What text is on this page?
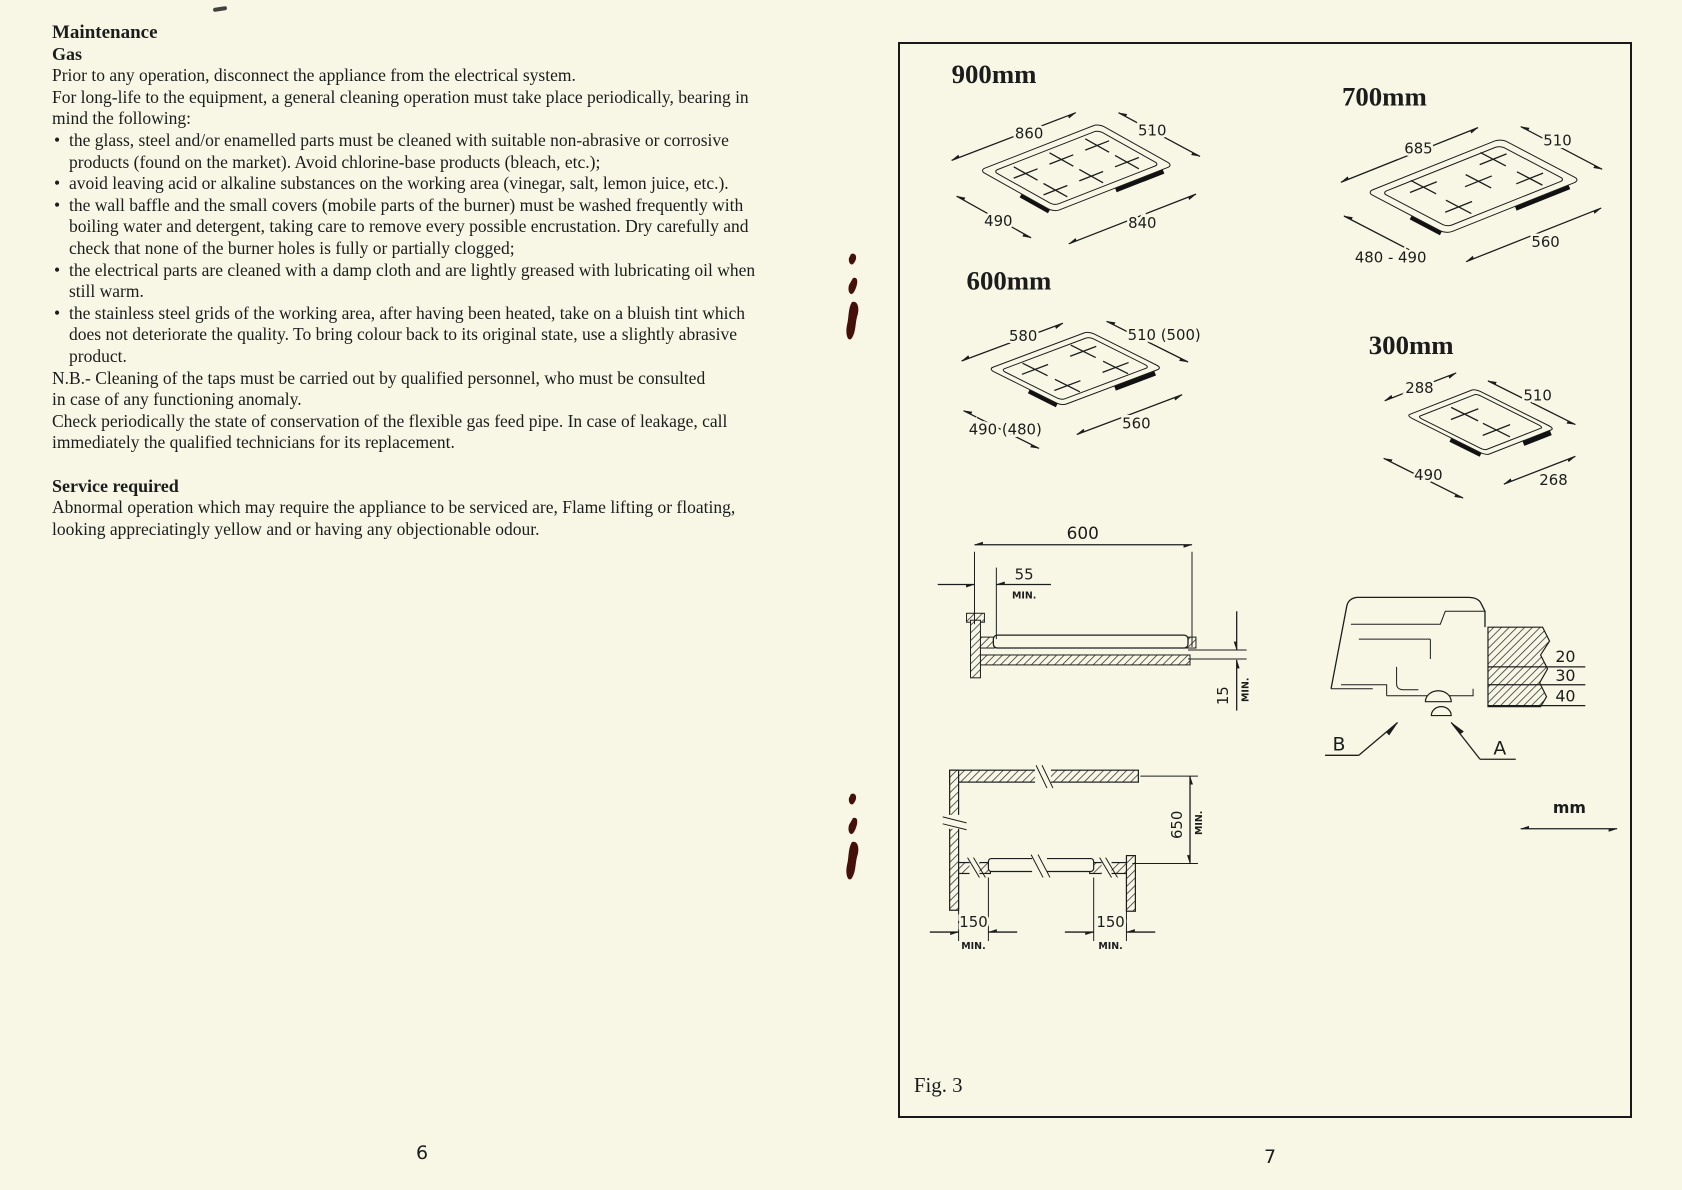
Maintenance

Gas

Prior to any operation, disconnect the appliance from the electrical system.

For long-life to the equipment, a general cleaning operation must take place periodically, bearing in mind the following:

• the glass, steel and/or enamelled parts must be cleaned with suitable non-abrasive or corrosive products (found on the market). Avoid chlorine-base products (bleach, etc.);
• avoid leaving acid or alkaline substances on the working area (vinegar, salt, lemon juice, etc.).
• the wall baffle and the small covers (mobile parts of the burner) must be washed frequently with boiling water and detergent, taking care to remove every possible encrustation. Dry carefully and check that none of the burner holes is fully or partially clogged;
• the electrical parts are cleaned with a damp cloth and are lightly greased with lubricating oil when still warm.
• the stainless steel grids of the working area, after having been heated, take on a bluish tint which does not deteriorate the quality. To bring colour back to its original state, use a slightly abrasive product.

N.B.- Cleaning of the taps must be carried out by qualified personnel, who must be consulted

in case of any functioning anomaly.

Check periodically the state of conservation of the flexible gas feed pipe. In case of leakage, call immediately the qualified technicians for its replacement.

Service required

Abnormal operation which may require the appliance to be serviced are, Flame lifting or floating, looking appreciatingly yellow and or having any objectionable odour.

6	7
900mm
860	510
490	840
700mm
685	510
480 - 490
560
600mm
580	510 (500)
490 (480)	560
300mm
288	510
490	268
600
55
MIN.
15 MIN.
20
30
40
B	A
650 MIN.
150
MIN.
150
MIN.
mm
Fig. 3
